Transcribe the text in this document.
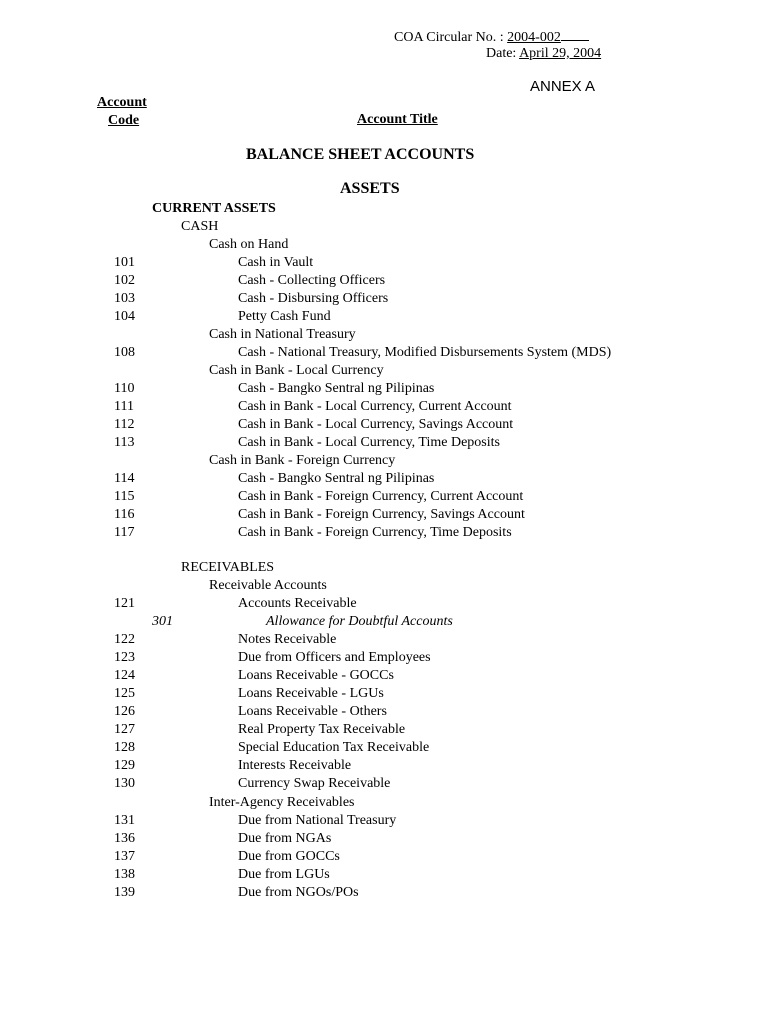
COA Circular No. : 2004-002
Date: April 29, 2004
ANNEX A
Account
Code	Account Title
BALANCE SHEET ACCOUNTS
ASSETS
CURRENT ASSETS
CASH
Cash on Hand
101	Cash in Vault
102	Cash - Collecting Officers
103	Cash - Disbursing Officers
104	Petty Cash Fund
Cash in National Treasury
108	Cash - National Treasury, Modified Disbursements System (MDS)
Cash in Bank - Local Currency
110	Cash - Bangko Sentral ng Pilipinas
111	Cash in Bank - Local Currency, Current Account
112	Cash in Bank - Local Currency, Savings Account
113	Cash in Bank - Local Currency, Time Deposits
Cash in Bank - Foreign Currency
114	Cash - Bangko Sentral ng Pilipinas
115	Cash in Bank - Foreign Currency, Current Account
116	Cash in Bank - Foreign Currency, Savings Account
117	Cash in Bank - Foreign Currency, Time Deposits
RECEIVABLES
Receivable Accounts
121	Accounts Receivable
301	Allowance for Doubtful Accounts
122	Notes Receivable
123	Due from Officers and Employees
124	Loans Receivable - GOCCs
125	Loans Receivable - LGUs
126	Loans Receivable - Others
127	Real Property Tax Receivable
128	Special Education Tax Receivable
129	Interests Receivable
130	Currency Swap Receivable
Inter-Agency Receivables
131	Due from National Treasury
136	Due from NGAs
137	Due from GOCCs
138	Due from LGUs
139	Due from NGOs/POs
